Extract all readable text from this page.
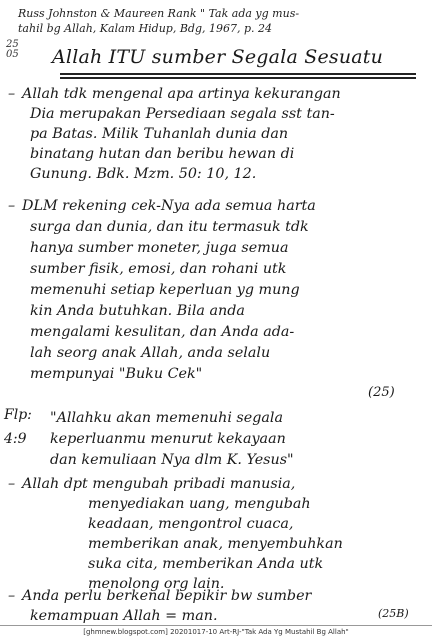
Russ Johnston & Maureen Rank " Tak ada yg mus-
tahil bg Allah, Kalam Hidup, Bdg, 1967, p. 24
25
05 Allah ITU sumber Segala Sesuatu
– Allah tdk mengenal apa artinya kekurangan
Dia merupakan Persediaan segala sst tan-
pa Batas. Milik Tuhanlah dunia dan
binatang hutan dan beribu hewan di
Gunung. Bdk. Mzm. 50: 10, 12.
– DLM rekening cek-Nya ada semua harta
surga dan dunia, dan itu termasuk tdk
hanya sumber moneter, juga semua
sumber fisik, emosi, dan rohani utk
memenuhi setiap keperluan yg mung
kin Anda butuhkan. Bila anda
mengalami kesulitan, dan Anda ada-
lah seorg anak Allah, anda selalu
mempunyai "Buku Cek"
(25)
Flp:
4:9
"Allahku akan memenuhi segala
keperluanmu menurut kekayaan
dan kemuliaan Nya dlm K. Yesus"
– Allah dpt mengubah pribadi manusia,
menyediakan uang, mengubah
keadaan, mengontrol cuaca,
memberikan anak, menyembuhkan
suka cita, memberikan Anda utk
menolong org lain.
– Anda perlu berkenal bepikir bw sumber
kemampuan Allah = man.	(25B)
[ghmnew.blogspot.com] 20201017-10 Art-RJ-"Tak Ada Yg Mustahil Bg Allah"
